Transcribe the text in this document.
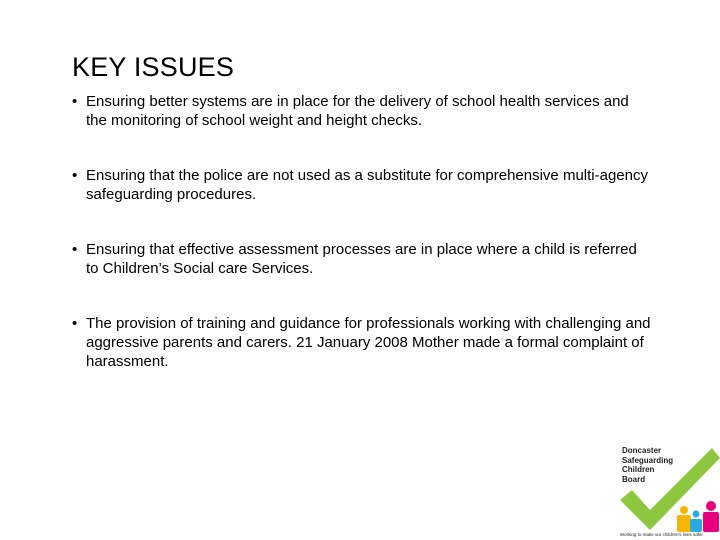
KEY ISSUES
• Ensuring better systems are in place for the delivery of school health services and the monitoring of school weight and height checks.
• Ensuring that the police are not used as a substitute for comprehensive multi-agency safeguarding procedures.
• Ensuring that effective assessment processes are in place where a child is referred to Children’s Social care Services.
• The provision of training and guidance for professionals working with challenging and aggressive parents and carers. 21 January 2008 Mother made a formal complaint of harassment.
Doncaster
Safeguarding
Children
Board
Working to make our children's lives safer
